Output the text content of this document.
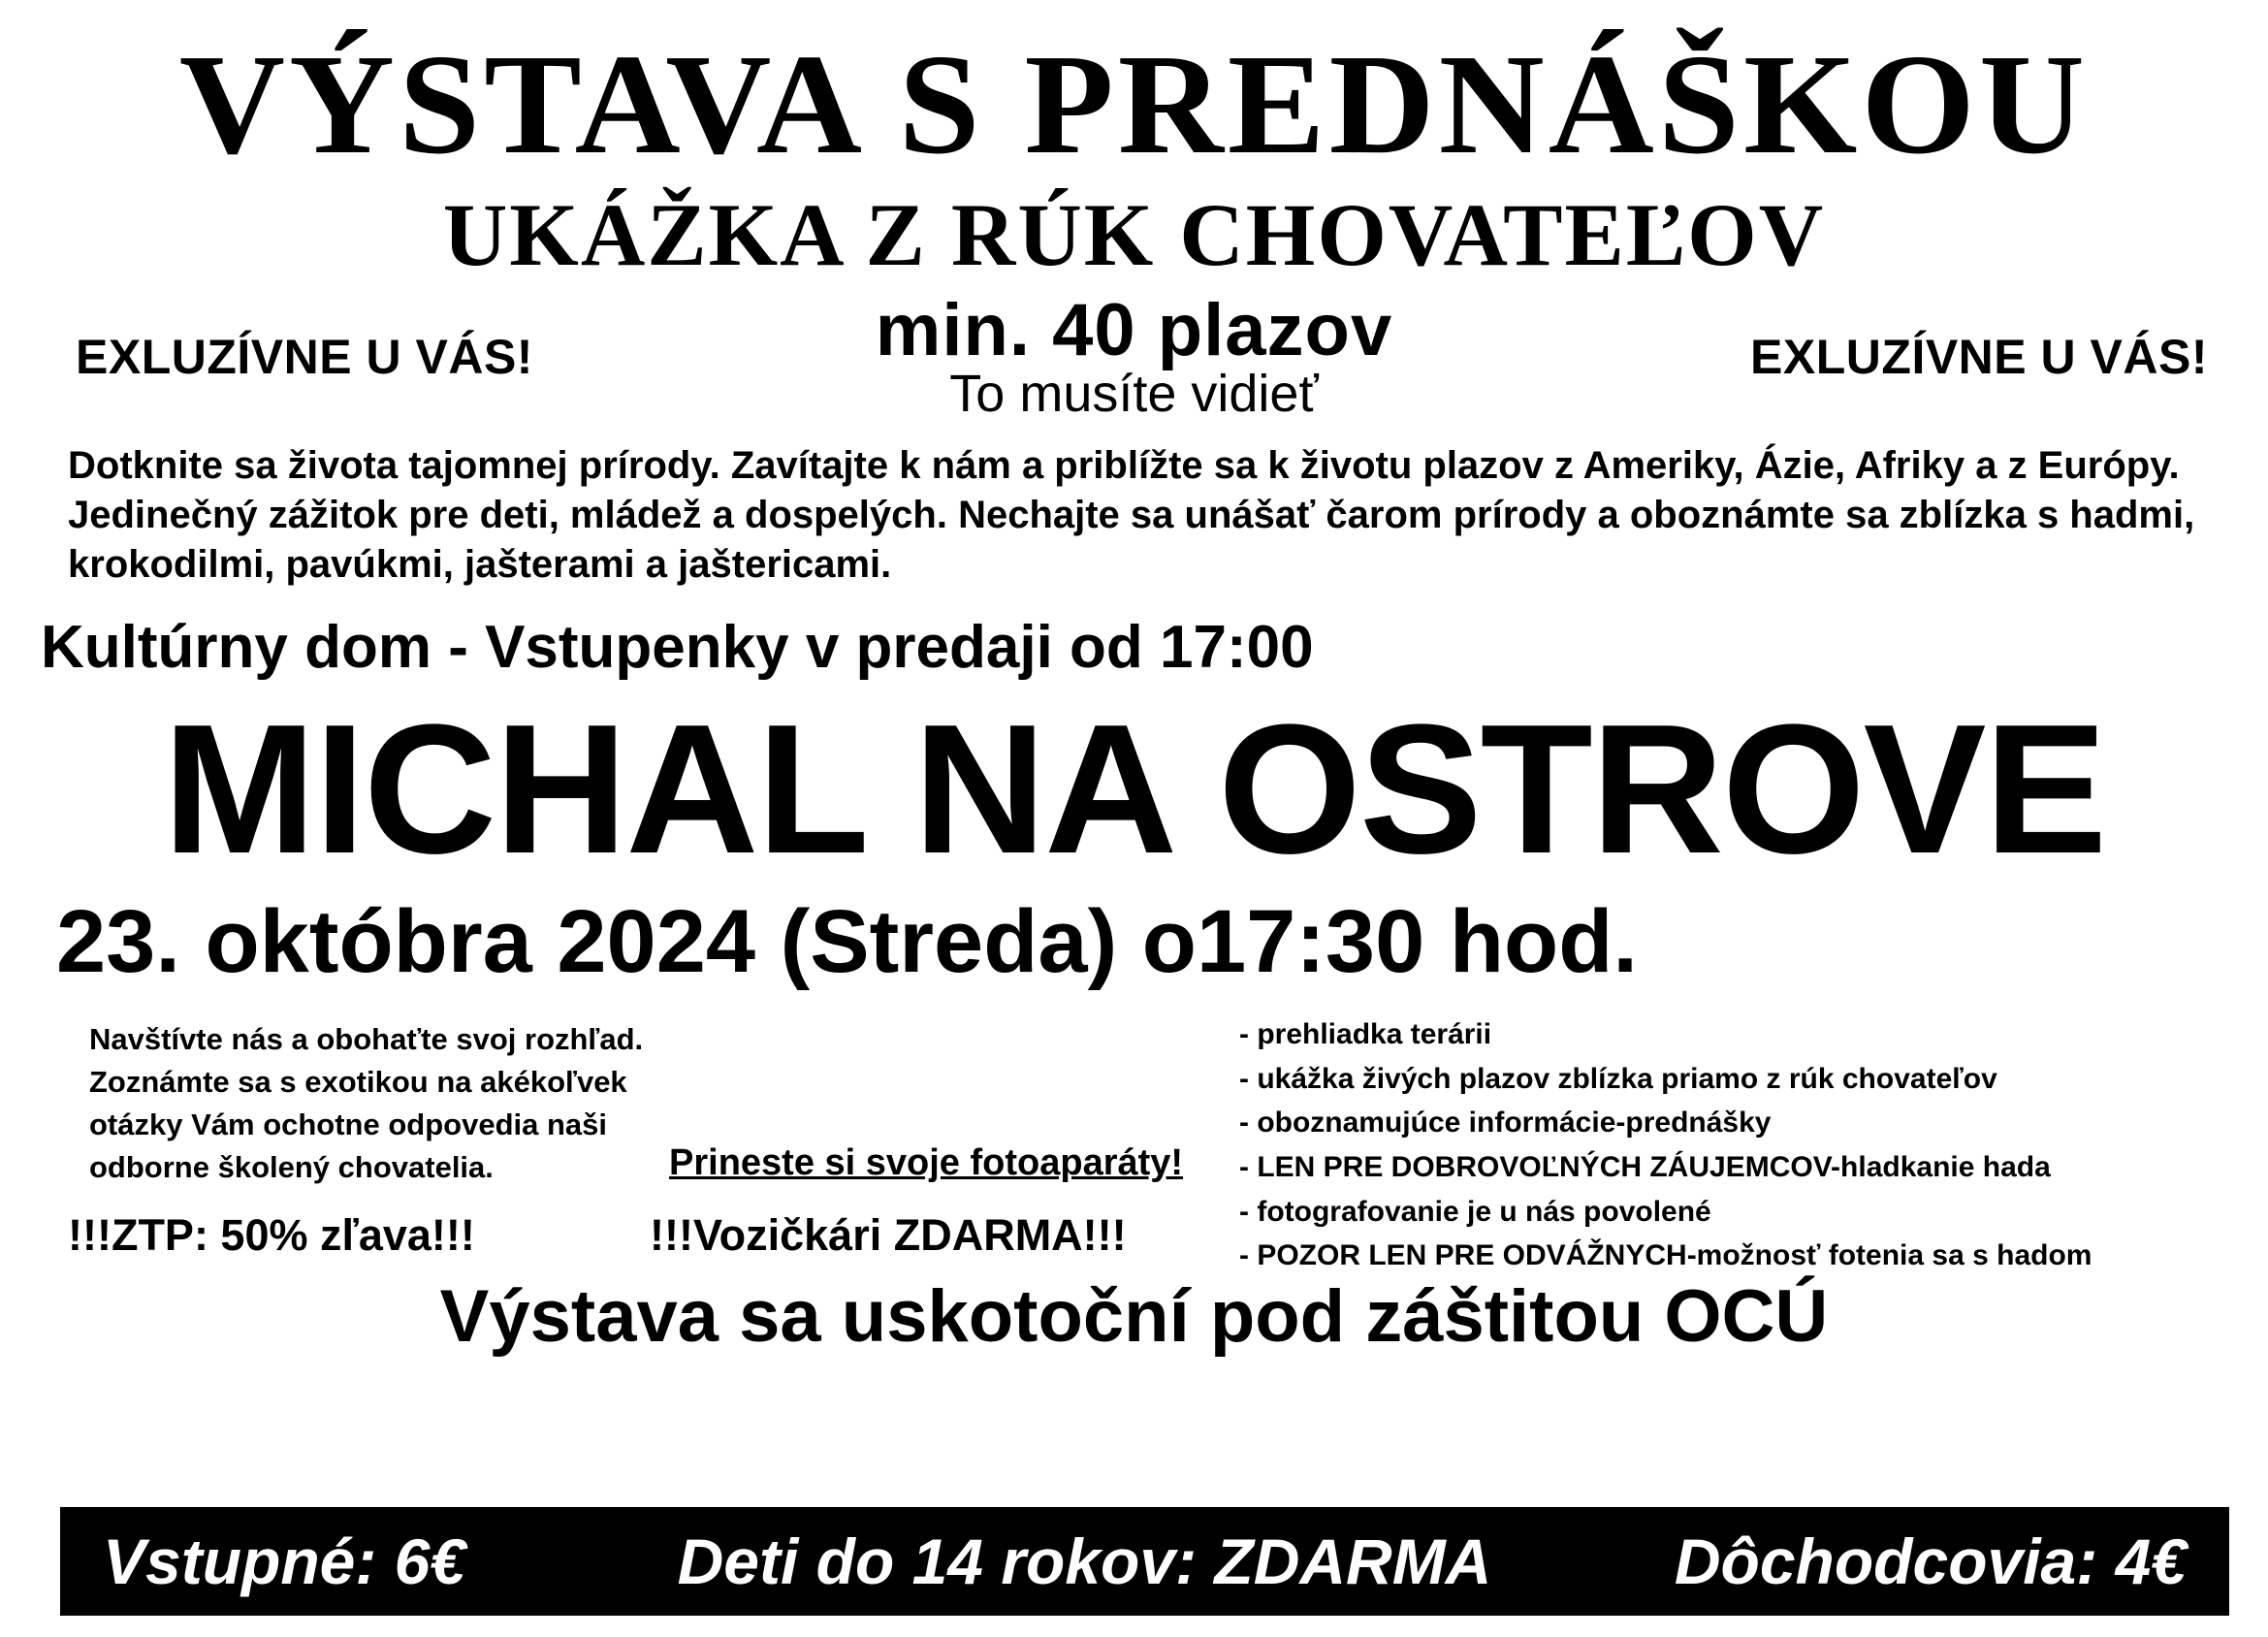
VÝSTAVA S PREDNÁŠKOU
UKÁŽKA Z RÚK CHOVATEĽOV
EXLUZÍVNE U VÁS!	min. 40 plazov
To musíte vidieť
EXLUZÍVNE U VÁS!
Dotknite sa života tajomnej prírody. Zavítajte k nám a priblížte sa k životu plazov z Ameriky, Ázie, Afriky a z Európy. Jedinečný zážitok pre deti, mládež a dospelých. Nechajte sa unášať čarom prírody a oboznámte sa zblízka s hadmi, krokodilmi, pavúkmi, jašterami a jaštericami.
Kultúrny dom - Vstupenky v predaji od 17:00
MICHAL NA OSTROVE
23. októbra 2024 (Streda) o17:30 hod.
Navštívte nás a obohaťte svoj rozhľad. Zoznámte sa s exotikou na akékoľvek otázky Vám ochotne odpovedia naši odborne školený chovatelia.	Prineste si svoje fotoaparáty!
- prehliadka terárii
- ukážka živých plazov zblízka priamo z rúk chovateľov
- oboznamujúce informácie-prednášky
- LEN PRE DOBROVOĽNÝCH ZÁUJEMCOV-hladkanie hada
- fotografovanie je u nás povolené
- POZOR LEN PRE ODVÁŽNYCH-možnosť fotenia sa s hadom
!!!ZTP: 50% zľava!!!	!!!Vozičkári ZDARMA!!!
Výstava sa uskotoční pod záštitou OCÚ
Vstupné: 6€	Deti do 14 rokov: ZDARMA	Dôchodcovia: 4€
